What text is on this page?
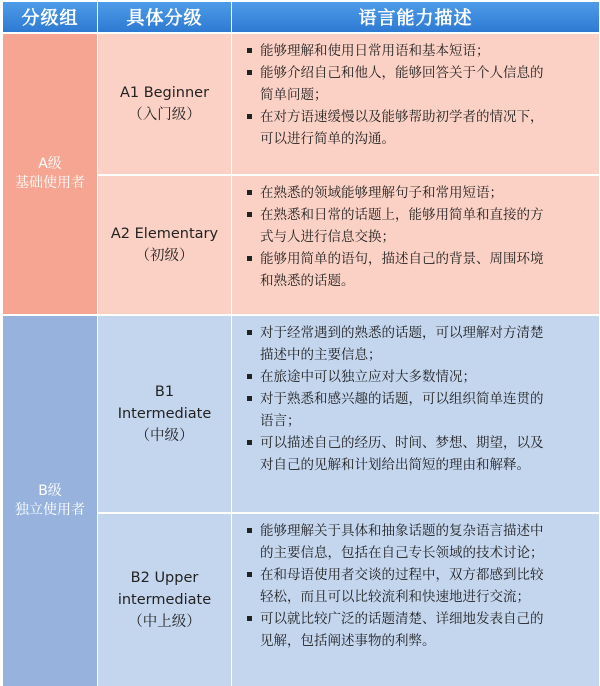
分级组	具体分级	语言能力描述
A级
基础使用者
A1 Beginner
（入门级）
能够理解和使用日常用语和基本短语；
能够介绍自己和他人，能够回答关于个人信息的
简单问题；
在对方语速缓慢以及能够帮助初学者的情况下，
可以进行简单的沟通。
A2 Elementary
（初级）
在熟悉的领域能够理解句子和常用短语；
在熟悉和日常的话题上，能够用简单和直接的方
式与人进行信息交换；
能够用简单的语句，描述自己的背景、周围环境
和熟悉的话题。
B级
独立使用者
B1
Intermediate
（中级）
对于经常遇到的熟悉的话题，可以理解对方清楚
描述中的主要信息；
在旅途中可以独立应对大多数情况；
对于熟悉和感兴趣的话题，可以组织简单连贯的
语言；
可以描述自己的经历、时间、梦想、期望，以及
对自己的见解和计划给出简短的理由和解释。
B2 Upper
intermediate
（中上级）
能够理解关于具体和抽象话题的复杂语言描述中
的主要信息，包括在自己专长领域的技术讨论；
在和母语使用者交谈的过程中，双方都感到比较
轻松，而且可以比较流利和快速地进行交流；
可以就比较广泛的话题清楚、详细地发表自己的
见解，包括阐述事物的利弊。
